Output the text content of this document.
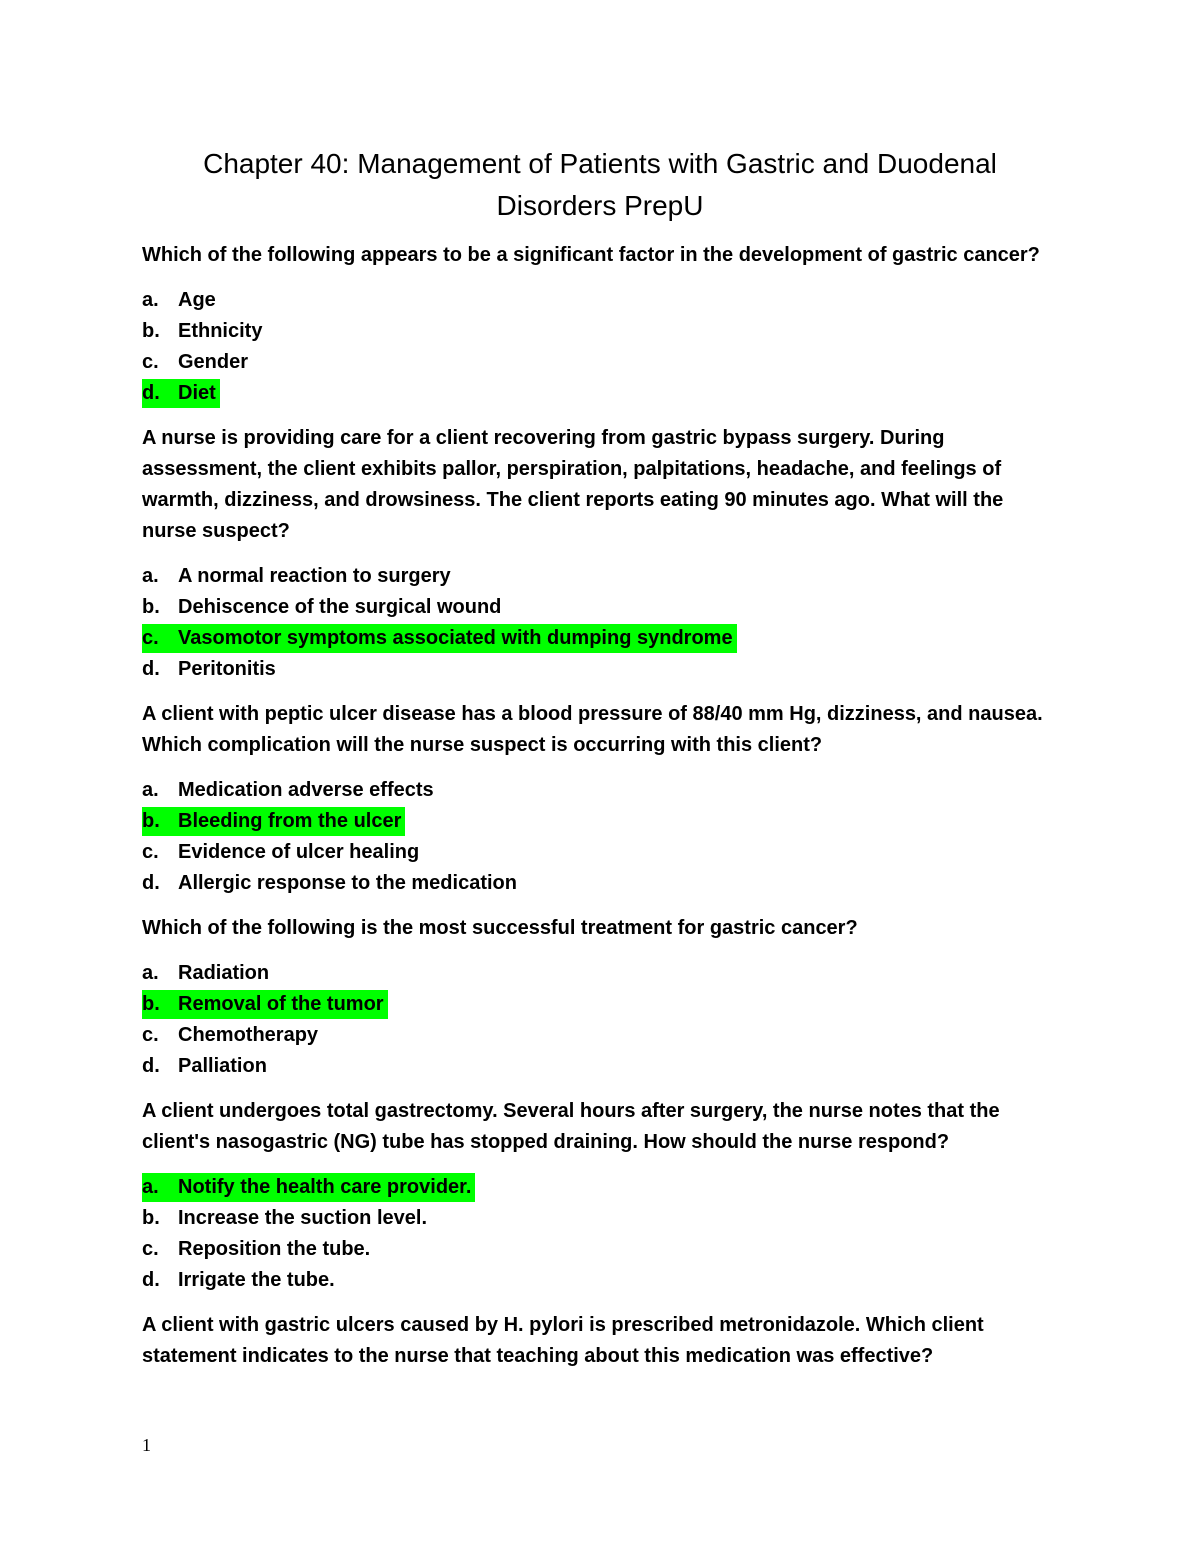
Chapter 40: Management of Patients with Gastric and Duodenal
Disorders PrepU

Which of the following appears to be a significant factor in the development of gastric cancer?

a. Age
b. Ethnicity
c. Gender
d. Diet

A nurse is providing care for a client recovering from gastric bypass surgery. During assessment, the client exhibits pallor, perspiration, palpitations, headache, and feelings of warmth, dizziness, and drowsiness. The client reports eating 90 minutes ago. What will the nurse suspect?

a. A normal reaction to surgery
b. Dehiscence of the surgical wound
c. Vasomotor symptoms associated with dumping syndrome
d. Peritonitis

A client with peptic ulcer disease has a blood pressure of 88/40 mm Hg, dizziness, and nausea. Which complication will the nurse suspect is occurring with this client?

a. Medication adverse effects
b. Bleeding from the ulcer
c. Evidence of ulcer healing
d. Allergic response to the medication

Which of the following is the most successful treatment for gastric cancer?

a. Radiation
b. Removal of the tumor
c. Chemotherapy
d. Palliation

A client undergoes total gastrectomy. Several hours after surgery, the nurse notes that the client's nasogastric (NG) tube has stopped draining. How should the nurse respond?

a. Notify the health care provider.
b. Increase the suction level.
c. Reposition the tube.
d. Irrigate the tube.

A client with gastric ulcers caused by H. pylori is prescribed metronidazole. Which client statement indicates to the nurse that teaching about this medication was effective?

1
